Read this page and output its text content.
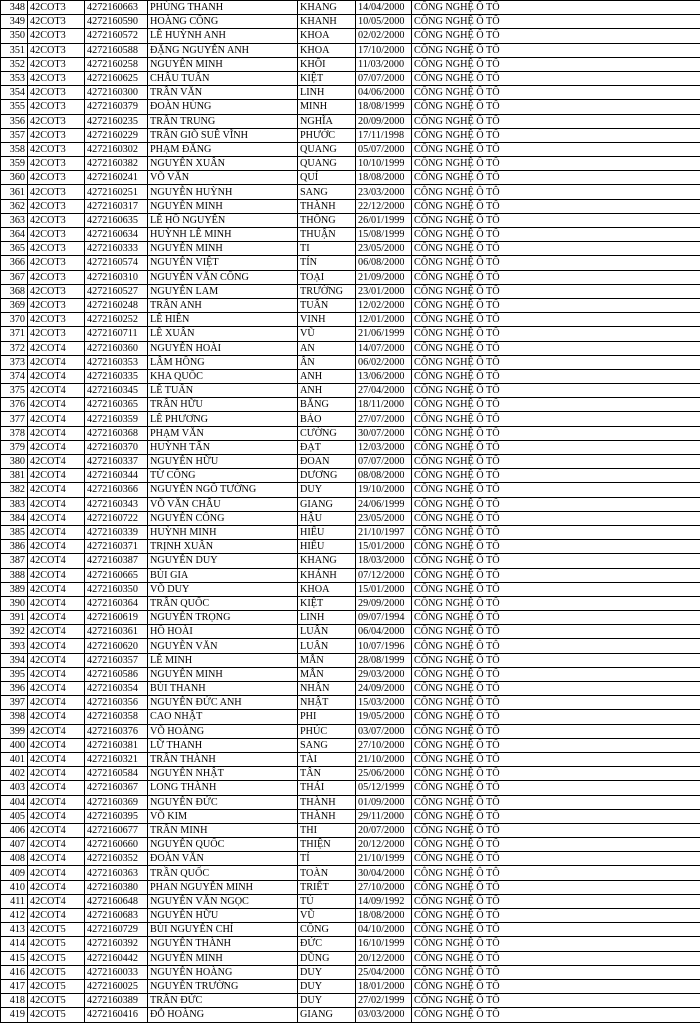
348	42COT3	4272160663	PHÙNG THANH	KHANG	14/04/2000	CÔNG NGHỆ Ô TÔ
349	42COT3	4272160590	HOÀNG CÔNG	KHANH	10/05/2000	CÔNG NGHỆ Ô TÔ
350	42COT3	4272160572	LÊ HUỲNH ANH	KHOA	02/02/2000	CÔNG NGHỆ Ô TÔ
351	42COT3	4272160588	ĐẶNG NGUYỄN ANH	KHOA	17/10/2000	CÔNG NGHỆ Ô TÔ
352	42COT3	4272160258	NGUYỄN MINH	KHÔI	11/03/2000	CÔNG NGHỆ Ô TÔ
353	42COT3	4272160625	CHÂU TUẤN	KIỆT	07/07/2000	CÔNG NGHỆ Ô TÔ
354	42COT3	4272160300	TRẦN VĂN	LINH	04/06/2000	CÔNG NGHỆ Ô TÔ
355	42COT3	4272160379	ĐOÀN HÙNG	MINH	18/08/1999	CÔNG NGHỆ Ô TÔ
356	42COT3	4272160235	TRẦN TRUNG	NGHĨA	20/09/2000	CÔNG NGHỆ Ô TÔ
357	42COT3	4272160229	TRẦN GIÕ SUÊ VĨNH	PHƯỚC	17/11/1998	CÔNG NGHỆ Ô TÔ
358	42COT3	4272160302	PHẠM ĐĂNG	QUANG	05/07/2000	CÔNG NGHỆ Ô TÔ
359	42COT3	4272160382	NGUYỄN XUÂN	QUANG	10/10/1999	CÔNG NGHỆ Ô TÔ
360	42COT3	4272160241	VÕ VĂN	QUÍ	18/08/2000	CÔNG NGHỆ Ô TÔ
361	42COT3	4272160251	NGUYỄN HUỲNH	SANG	23/03/2000	CÔNG NGHỆ Ô TÔ
362	42COT3	4272160317	NGUYỄN MINH	THÀNH	22/12/2000	CÔNG NGHỆ Ô TÔ
363	42COT3	4272160635	LÊ HỒ NGUYÊN	THÔNG	26/01/1999	CÔNG NGHỆ Ô TÔ
364	42COT3	4272160634	HUỲNH LÊ MINH	THUẬN	15/08/1999	CÔNG NGHỆ Ô TÔ
365	42COT3	4272160333	NGUYỄN MINH	TI	23/05/2000	CÔNG NGHỆ Ô TÔ
366	42COT3	4272160574	NGUYỄN VIỆT	TÍN	06/08/2000	CÔNG NGHỆ Ô TÔ
367	42COT3	4272160310	NGUYỄN VĂN CÔNG	TOẠI	21/09/2000	CÔNG NGHỆ Ô TÔ
368	42COT3	4272160527	NGUYỄN LAM	TRƯỜNG	23/01/2000	CÔNG NGHỆ Ô TÔ
369	42COT3	4272160248	TRẦN ANH	TUẤN	12/02/2000	CÔNG NGHỆ Ô TÔ
370	42COT3	4272160252	LÊ HIỀN	VINH	12/01/2000	CÔNG NGHỆ Ô TÔ
371	42COT3	4272160711	LÊ XUÂN	VŨ	21/06/1999	CÔNG NGHỆ Ô TÔ
372	42COT4	4272160360	NGUYỄN HOÀI	AN	14/07/2000	CÔNG NGHỆ Ô TÔ
373	42COT4	4272160353	LÂM HỒNG	ÂN	06/02/2000	CÔNG NGHỆ Ô TÔ
374	42COT4	4272160335	KHA QUỐC	ANH	13/06/2000	CÔNG NGHỆ Ô TÔ
375	42COT4	4272160345	LÊ TUẤN	ANH	27/04/2000	CÔNG NGHỆ Ô TÔ
376	42COT4	4272160365	TRẦN HỮU	BẰNG	18/11/2000	CÔNG NGHỆ Ô TÔ
377	42COT4	4272160359	LÊ PHƯƠNG	BẢO	27/07/2000	CÔNG NGHỆ Ô TÔ
378	42COT4	4272160368	PHẠM VĂN	CƯỜNG	30/07/2000	CÔNG NGHỆ Ô TÔ
379	42COT4	4272160370	HUỲNH TẤN	ĐẠT	12/03/2000	CÔNG NGHỆ Ô TÔ
380	42COT4	4272160337	NGUYỄN HỮU	ĐOAN	07/07/2000	CÔNG NGHỆ Ô TÔ
381	42COT4	4272160344	TỪ CÔNG	DƯƠNG	08/08/2000	CÔNG NGHỆ Ô TÔ
382	42COT4	4272160366	NGUYỄN NGÔ TƯỜNG	DUY	19/10/2000	CÔNG NGHỆ Ô TÔ
383	42COT4	4272160343	VÕ VĂN CHÂU	GIANG	24/06/1999	CÔNG NGHỆ Ô TÔ
384	42COT4	4272160722	NGUYỄN CÔNG	HẬU	23/05/2000	CÔNG NGHỆ Ô TÔ
385	42COT4	4272160339	HUỲNH MINH	HIẾU	21/10/1997	CÔNG NGHỆ Ô TÔ
386	42COT4	4272160371	TRỊNH XUÂN	HIẾU	15/01/2000	CÔNG NGHỆ Ô TÔ
387	42COT4	4272160387	NGUYỄN DUY	KHANG	18/03/2000	CÔNG NGHỆ Ô TÔ
388	42COT4	4272160665	BÙI GIA	KHÁNH	07/12/2000	CÔNG NGHỆ Ô TÔ
389	42COT4	4272160350	VÕ DUY	KHOA	15/01/2000	CÔNG NGHỆ Ô TÔ
390	42COT4	4272160364	TRẦN QUỐC	KIỆT	29/09/2000	CÔNG NGHỆ Ô TÔ
391	42COT4	4272160619	NGUYỄN TRỌNG	LINH	09/07/1994	CÔNG NGHỆ Ô TÔ
392	42COT4	4272160361	HỒ HOÀI	LUÂN	06/04/2000	CÔNG NGHỆ Ô TÔ
393	42COT4	4272160620	NGUYỄN VĂN	LUÂN	10/07/1996	CÔNG NGHỆ Ô TÔ
394	42COT4	4272160357	LÊ MINH	MẪN	28/08/1999	CÔNG NGHỆ Ô TÔ
395	42COT4	4272160586	NGUYỄN MINH	MẪN	29/03/2000	CÔNG NGHỆ Ô TÔ
396	42COT4	4272160354	BÙI THANH	NHÂN	24/09/2000	CÔNG NGHỆ Ô TÔ
397	42COT4	4272160356	NGUYỄN ĐỨC ANH	NHẬT	15/03/2000	CÔNG NGHỆ Ô TÔ
398	42COT4	4272160358	CAO NHẬT	PHI	19/05/2000	CÔNG NGHỆ Ô TÔ
399	42COT4	4272160376	VÕ HOÀNG	PHÚC	03/07/2000	CÔNG NGHỆ Ô TÔ
400	42COT4	4272160381	LỮ THANH	SANG	27/10/2000	CÔNG NGHỆ Ô TÔ
401	42COT4	4272160321	TRẦN THÀNH	TÀI	21/10/2000	CÔNG NGHỆ Ô TÔ
402	42COT4	4272160584	NGUYỄN NHẬT	TÂN	25/06/2000	CÔNG NGHỆ Ô TÔ
403	42COT4	4272160367	LONG THÀNH	THÁI	05/12/1999	CÔNG NGHỆ Ô TÔ
404	42COT4	4272160369	NGUYỄN ĐỨC	THÀNH	01/09/2000	CÔNG NGHỆ Ô TÔ
405	42COT4	4272160395	VÕ KIM	THÀNH	29/11/2000	CÔNG NGHỆ Ô TÔ
406	42COT4	4272160677	TRẦN MINH	THI	20/07/2000	CÔNG NGHỆ Ô TÔ
407	42COT4	4272160660	NGUYỄN QUỐC	THIỆN	20/12/2000	CÔNG NGHỆ Ô TÔ
408	42COT4	4272160352	ĐOÀN VĂN	TÍ	21/10/1999	CÔNG NGHỆ Ô TÔ
409	42COT4	4272160363	TRẦN QUỐC	TOÀN	30/04/2000	CÔNG NGHỆ Ô TÔ
410	42COT4	4272160380	PHAN NGUYỄN MINH	TRIẾT	27/10/2000	CÔNG NGHỆ Ô TÔ
411	42COT4	4272160648	NGUYỄN VĂN NGỌC	TÚ	14/09/1992	CÔNG NGHỆ Ô TÔ
412	42COT4	4272160683	NGUYỄN HỮU	VŨ	18/08/2000	CÔNG NGHỆ Ô TÔ
413	42COT5	4272160729	BÙI NGUYỄN CHÍ	CÔNG	04/10/2000	CÔNG NGHỆ Ô TÔ
414	42COT5	4272160392	NGUYỄN THÀNH	ĐỨC	16/10/1999	CÔNG NGHỆ Ô TÔ
415	42COT5	4272160442	NGUYỄN MINH	DŨNG	20/12/2000	CÔNG NGHỆ Ô TÔ
416	42COT5	4272160033	NGUYỄN HOÀNG	DUY	25/04/2000	CÔNG NGHỆ Ô TÔ
417	42COT5	4272160025	NGUYỄN TRƯỜNG	DUY	18/01/2000	CÔNG NGHỆ Ô TÔ
418	42COT5	4272160389	TRẦN ĐỨC	DUY	27/02/1999	CÔNG NGHỆ Ô TÔ
419	42COT5	4272160416	ĐỖ HOÀNG	GIANG	03/03/2000	CÔNG NGHỆ Ô TÔ
